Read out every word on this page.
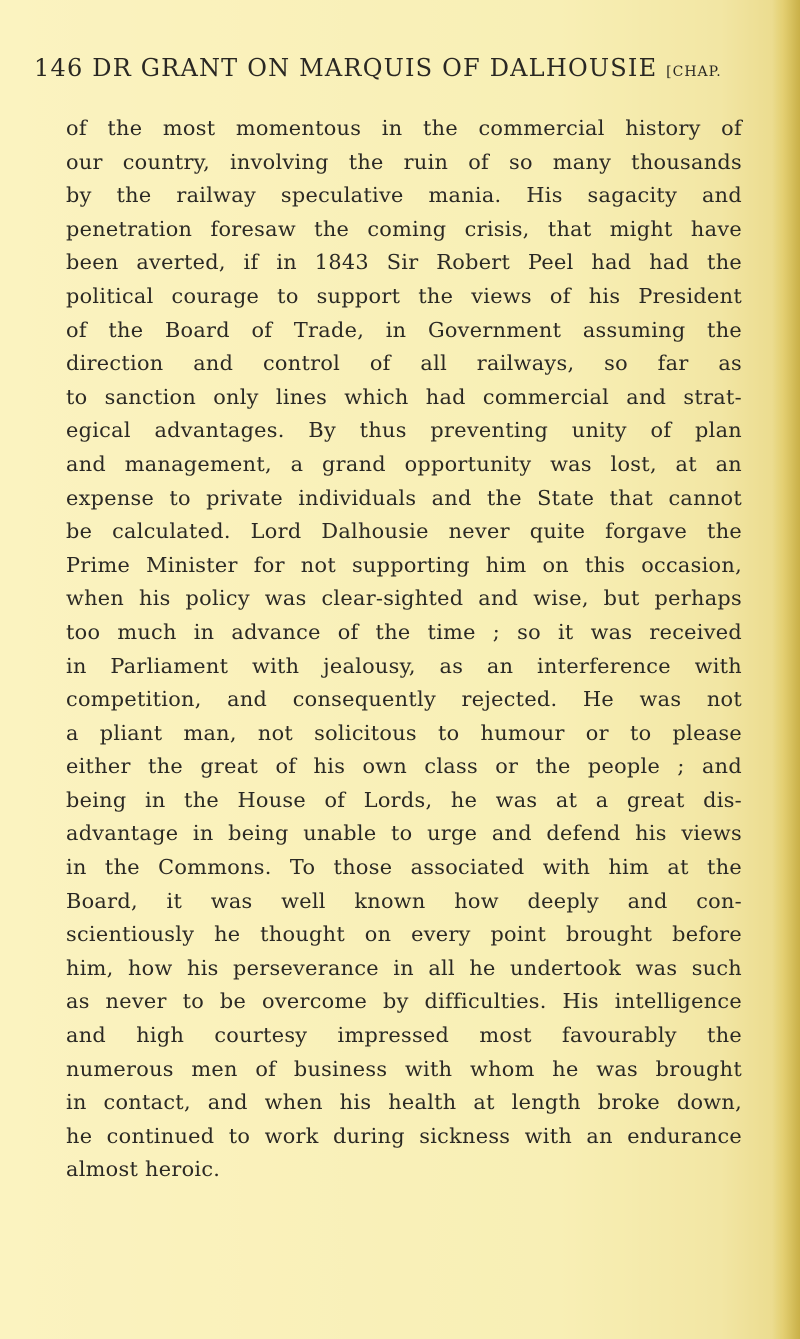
146 DR GRANT ON MARQUIS OF DALHOUSIE [CHAP.
of the most momentous in the commercial history of
our country, involving the ruin of so many thousands
by the railway speculative mania. His sagacity and
penetration foresaw the coming crisis, that might have
been averted, if in 1843 Sir Robert Peel had had the
political courage to support the views of his President
of the Board of Trade, in Government assuming the
direction and control of all railways, so far as
to sanction only lines which had commercial and strat-
egical advantages. By thus preventing unity of plan
and management, a grand opportunity was lost, at an
expense to private individuals and the State that cannot
be calculated. Lord Dalhousie never quite forgave the
Prime Minister for not supporting him on this occasion,
when his policy was clear-sighted and wise, but perhaps
too much in advance of the time ; so it was received
in Parliament with jealousy, as an interference with
competition, and consequently rejected. He was not
a pliant man, not solicitous to humour or to please
either the great of his own class or the people ; and
being in the House of Lords, he was at a great dis-
advantage in being unable to urge and defend his views
in the Commons. To those associated with him at the
Board, it was well known how deeply and con-
scientiously he thought on every point brought before
him, how his perseverance in all he undertook was such
as never to be overcome by difficulties. His intelligence
and high courtesy impressed most favourably the
numerous men of business with whom he was brought
in contact, and when his health at length broke down,
he continued to work during sickness with an endurance
almost heroic.
